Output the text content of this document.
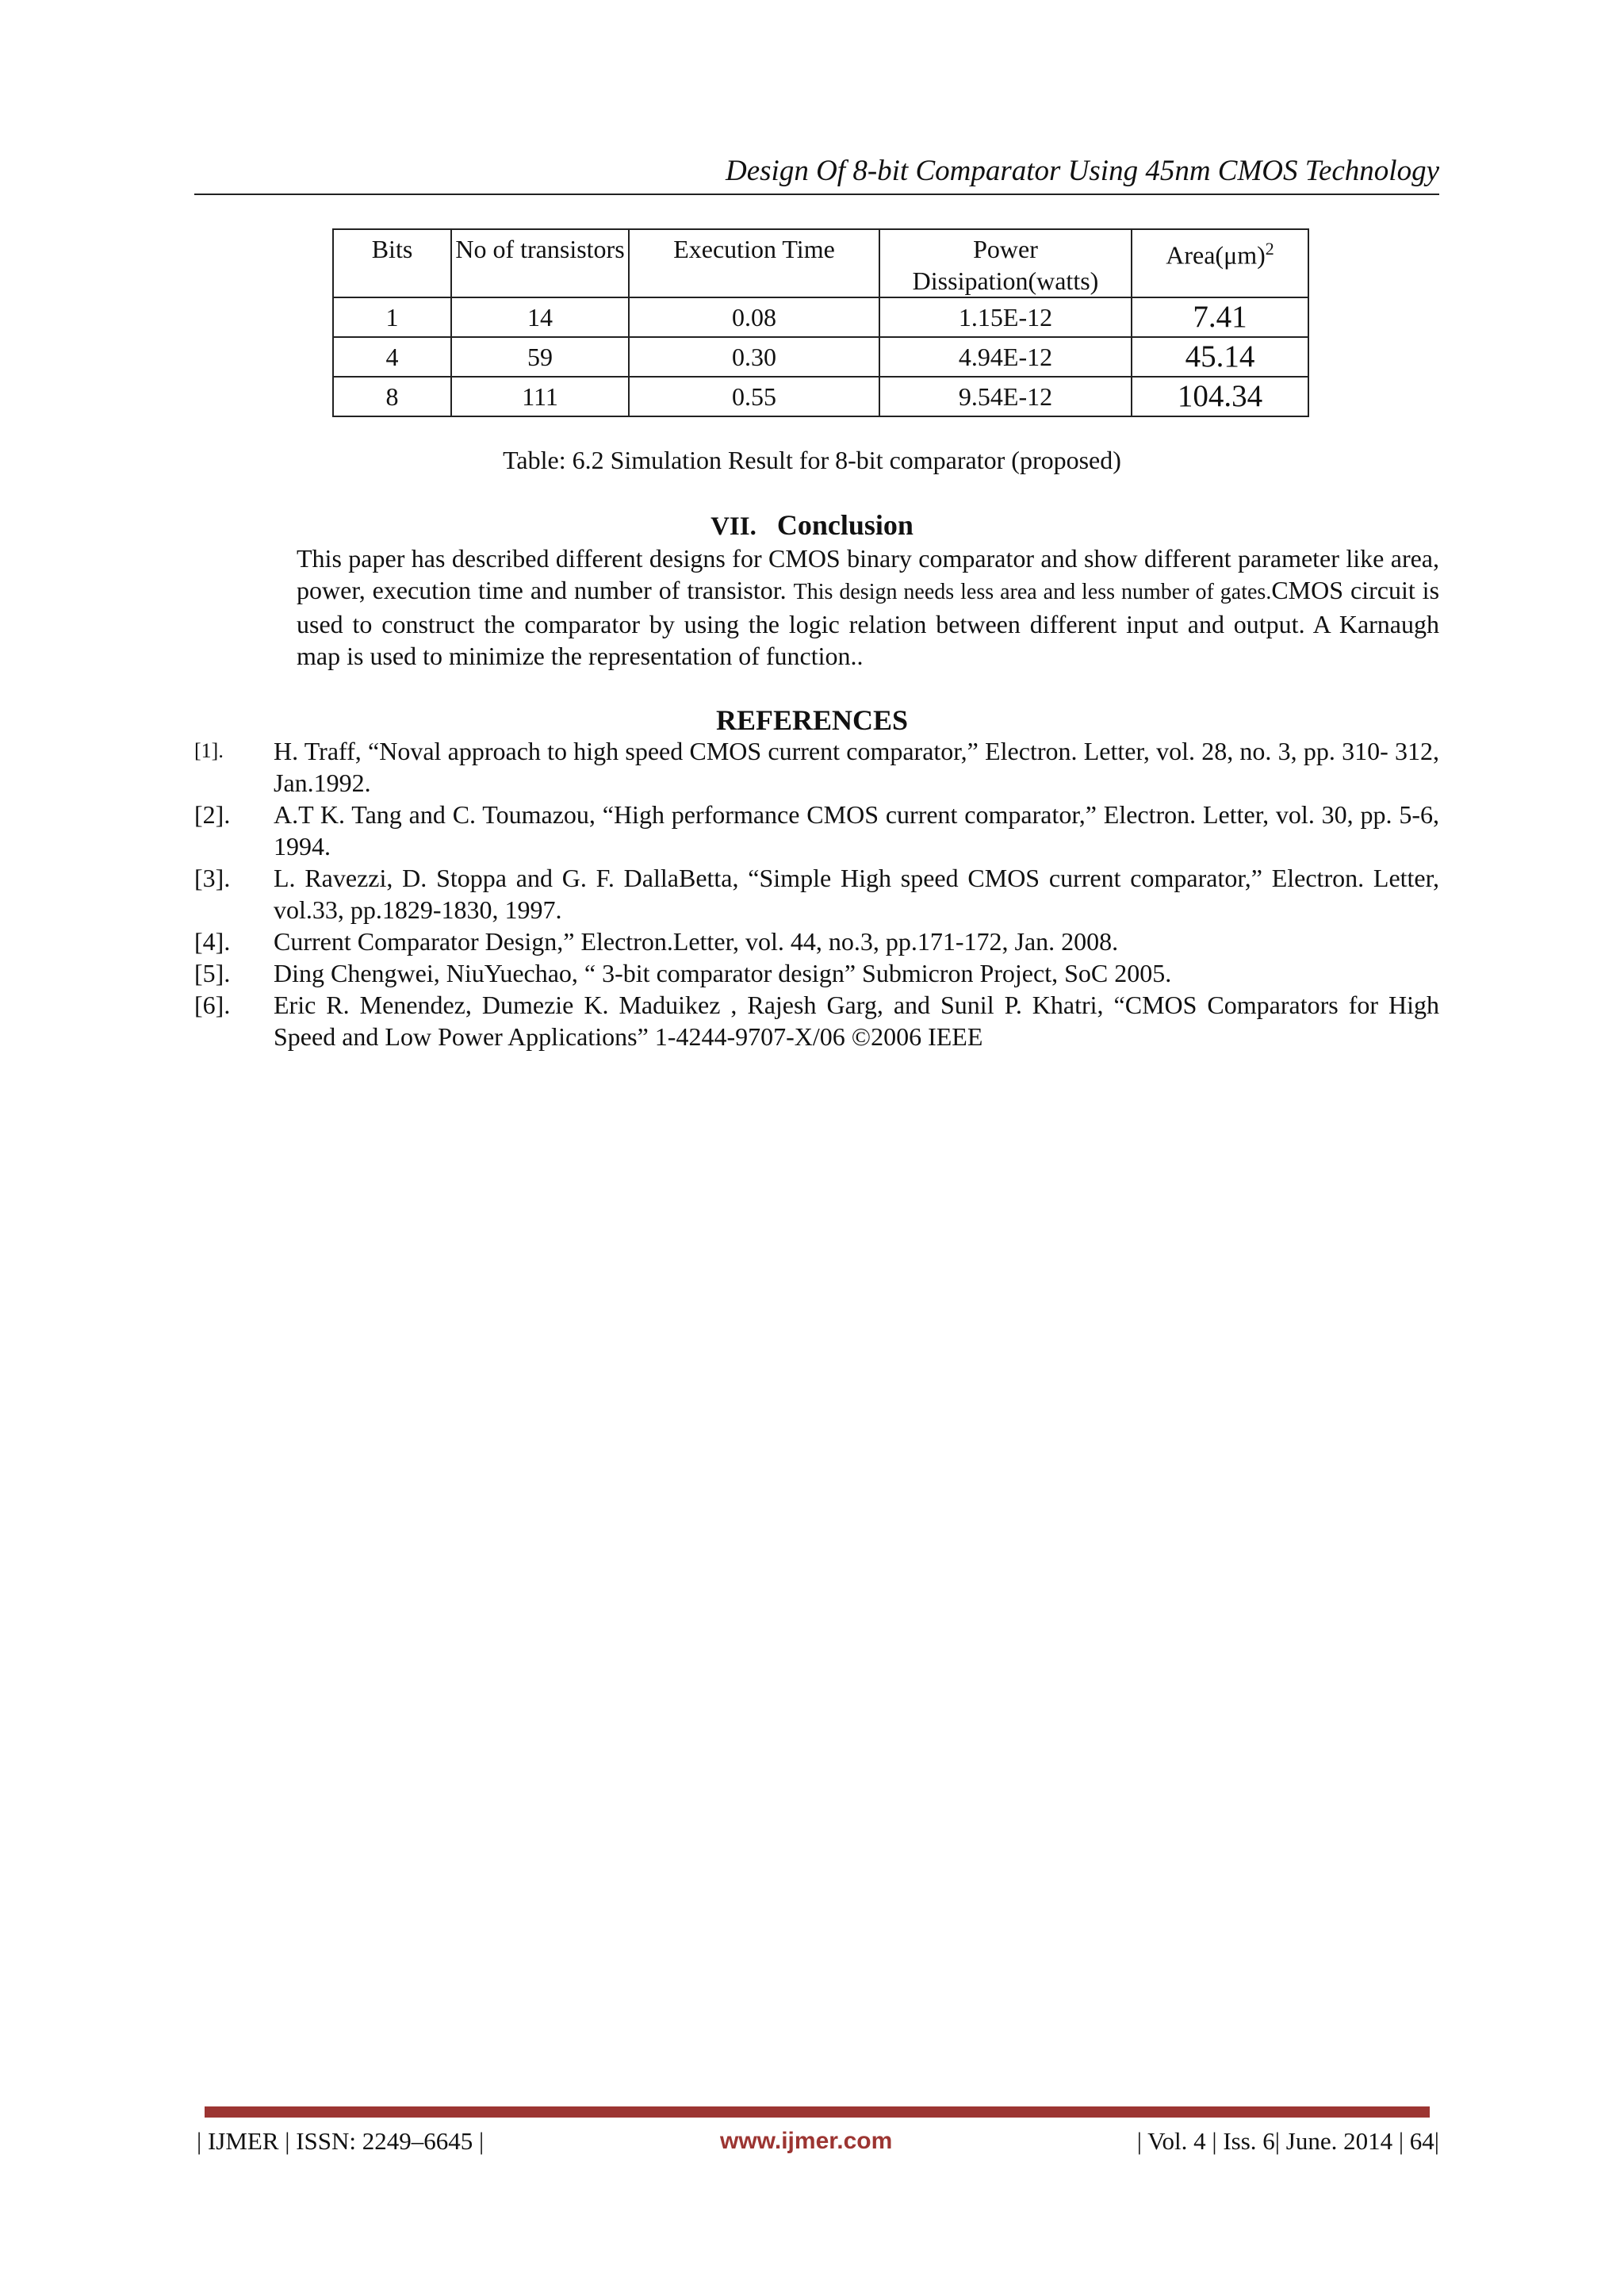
Design Of 8-bit Comparator Using 45nm CMOS Technology
Bits	No of transistors	Execution Time	Power Dissipation(watts)	$Area(\mu m)^2$
1	14	0.08	1.15E-12	7.41
4	59	0.30	4.94E-12	45.14
8	111	0.55	9.54E-12	104.34
Table: 6.2 Simulation Result for 8-bit comparator (proposed)
VII. Conclusion
This paper has described different designs for CMOS binary comparator and show different parameter like area, power, execution time and number of transistor. This design needs less area and less number of gates.CMOS circuit is used to construct the comparator by using the logic relation between different input and output. A Karnaugh map is used to minimize the representation of function..
REFERENCES
[1].	H. Traff, “Noval approach to high speed CMOS current comparator,” Electron. Letter, vol. 28, no. 3, pp. 310- 312, Jan.1992.
[2].	A.T K. Tang and C. Toumazou, “High performance CMOS current comparator,” Electron. Letter, vol. 30, pp. 5-6, 1994.
[3].	L. Ravezzi, D. Stoppa and G. F. DallaBetta, “Simple High speed CMOS current comparator,” Electron. Letter, vol.33, pp.1829-1830, 1997.
[4].	Current Comparator Design,” Electron.Letter, vol. 44, no.3, pp.171-172, Jan. 2008.
[5].	Ding Chengwei, NiuYuechao, “ 3-bit comparator design” Submicron Project, SoC 2005.
[6].	Eric R. Menendez, Dumezie K. Maduikez , Rajesh Garg, and Sunil P. Khatri, “CMOS Comparators for High Speed and Low Power Applications” 1-4244-9707-X/06 ©2006 IEEE
| IJMER | ISSN: 2249–6645 |	www.ijmer.com	| Vol. 4 | Iss. 6| June. 2014 | 64|
